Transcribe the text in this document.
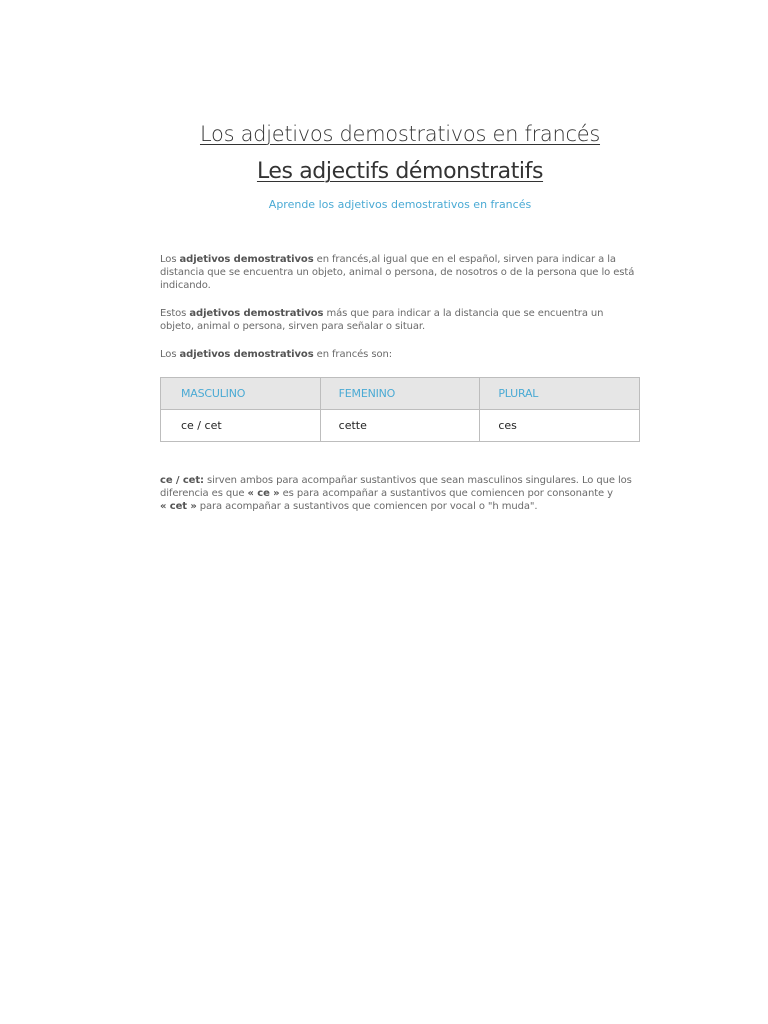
Los adjetivos demostrativos en francés
Les adjectifs démonstratifs

Aprende los adjetivos demostrativos en francés

Los adjetivos demostrativos en francés,al igual que en el español, sirven para indicar a la distancia que se encuentra un objeto, animal o persona, de nosotros o de la persona que lo está indicando.

Estos adjetivos demostrativos más que para indicar a la distancia que se encuentra un objeto, animal o persona, sirven para señalar o situar.

Los adjetivos demostrativos en francés son:

MASCULINO	FEMENINO	PLURAL
ce / cet	cette	ces

ce / cet: sirven ambos para acompañar sustantivos que sean masculinos singulares. Lo que los diferencia es que « ce » es para acompañar a sustantivos que comiencen por consonante y
« cet » para acompañar a sustantivos que comiencen por vocal o "h muda".
